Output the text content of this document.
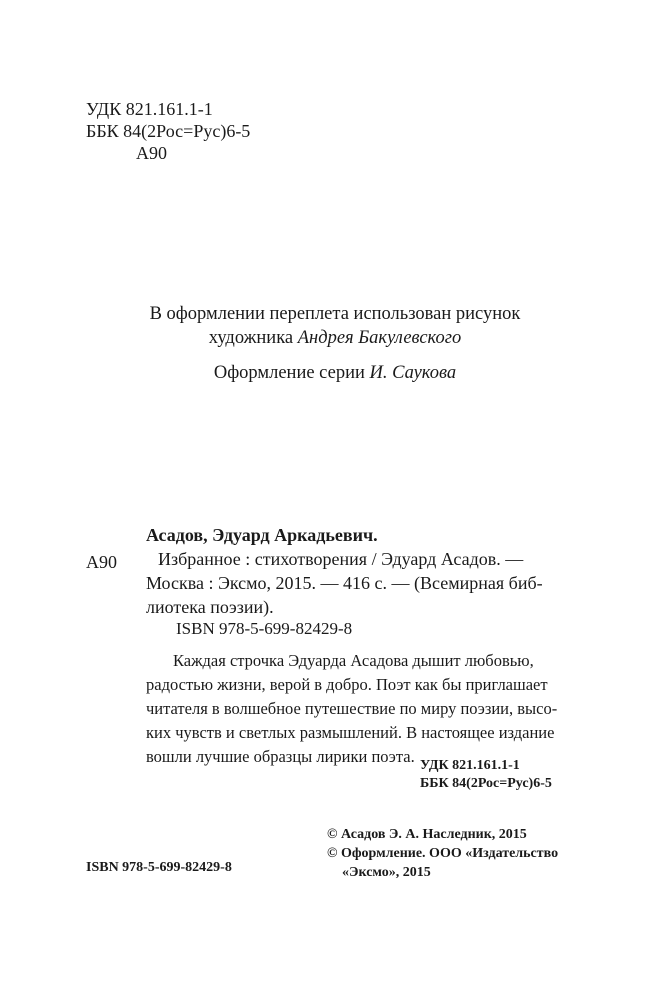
УДК 821.161.1-1
ББК 84(2Рос=Рус)6-5
А90
В оформлении переплета использован рисунок
художника Андрея Бакулевского
Оформление серии И. Саукова
Асадов, Эдуард Аркадьевич.
А90	Избранное : стихотворения / Эдуард Асадов. —
Москва : Эксмо, 2015. — 416 с. — (Всемирная биб-
лиотека поэзии).
ISBN 978-5-699-82429-8
Каждая строчка Эдуарда Асадова дышит любовью,
радостью жизни, верой в добро. Поэт как бы приглашает
читателя в волшебное путешествие по миру поэзии, высо-
ких чувств и светлых размышлений. В настоящее издание
вошли лучшие образцы лирики поэта. УДК 821.161.1-1
ББК 84(2Рос=Рус)6-5
© Асадов Э. А. Наследник, 2015
© Оформление. ООО «Издательство
«Эксмо», 2015
ISBN 978-5-699-82429-8
